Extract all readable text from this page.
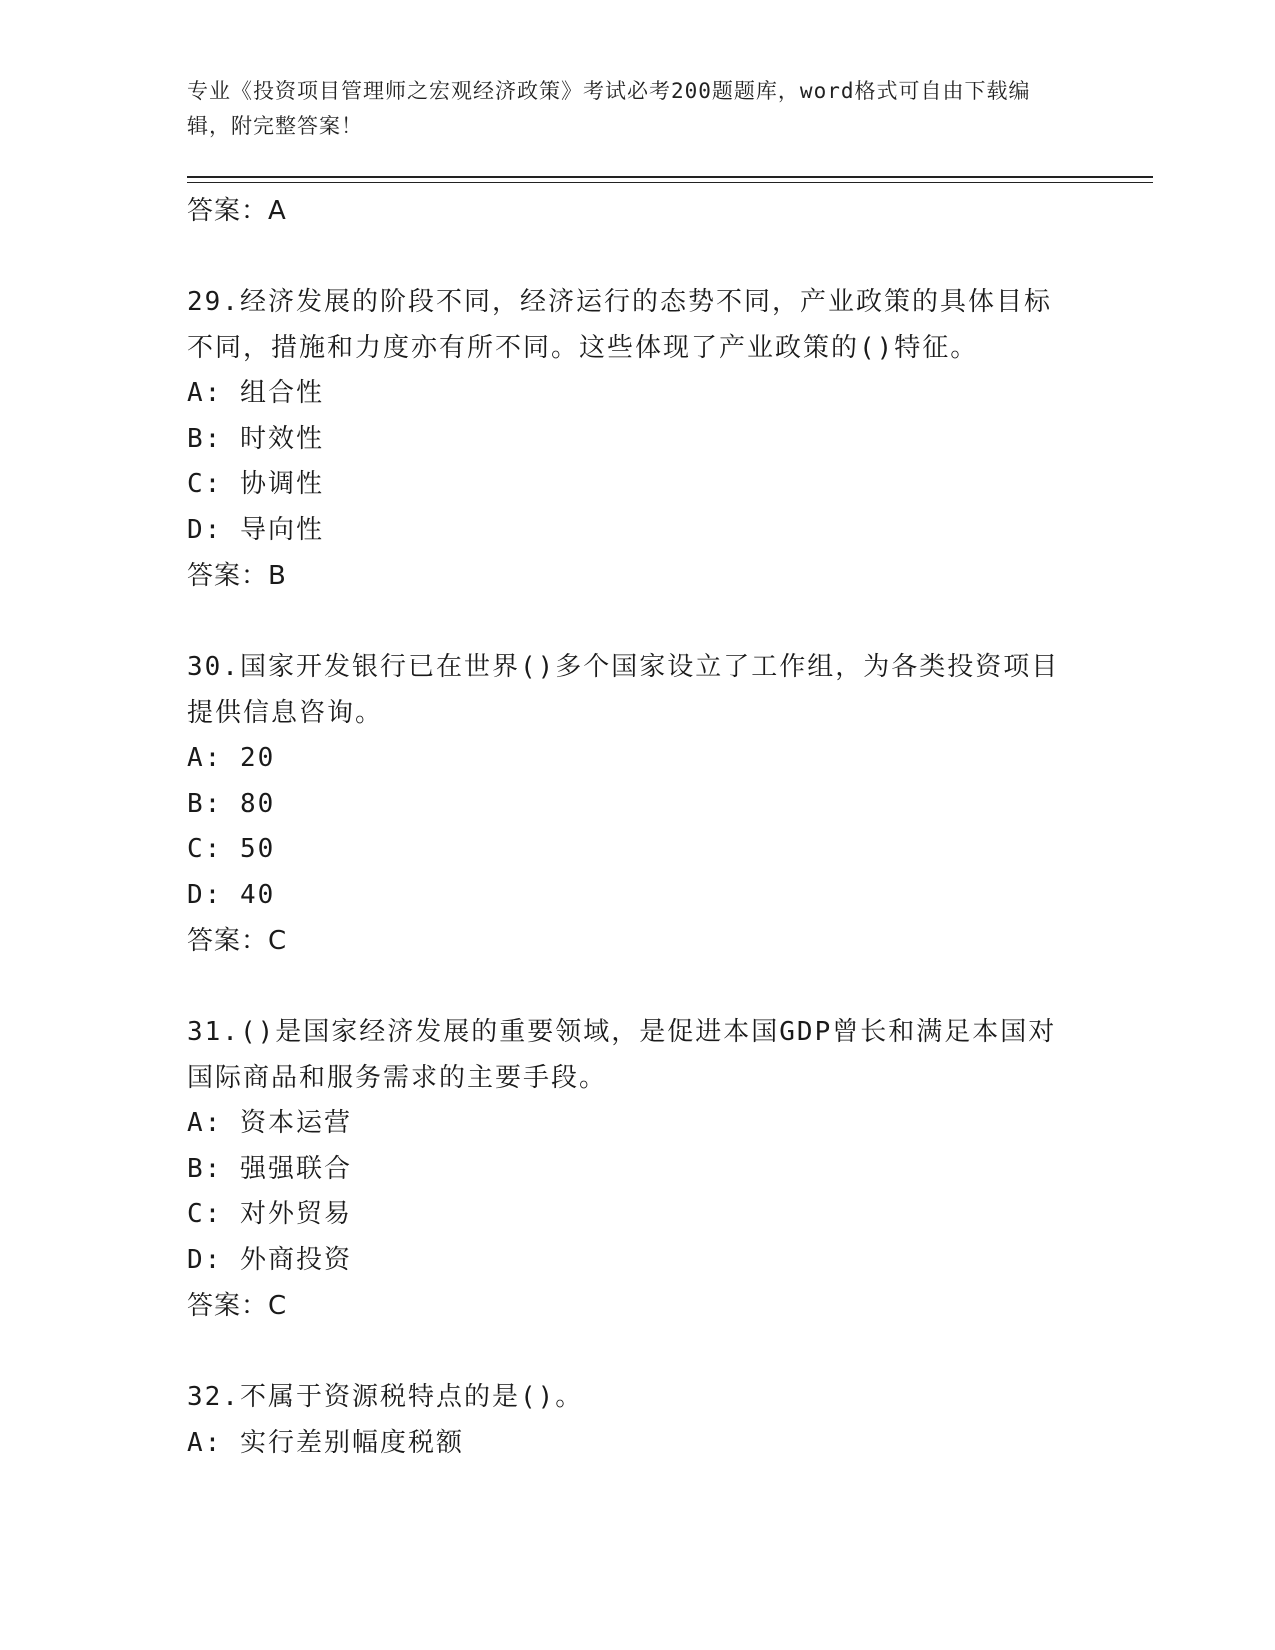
专业《投资项目管理师之宏观经济政策》考试必考200题题库，word格式可自由下载编辑，附完整答案！

答案：A

29.经济发展的阶段不同，经济运行的态势不同，产业政策的具体目标不同，措施和力度亦有所不同。这些体现了产业政策的()特征。

A: 组合性

B: 时效性

C: 协调性

D: 导向性

答案：B

30.国家开发银行已在世界()多个国家设立了工作组，为各类投资项目提供信息咨询。

A: 20

B: 80

C: 50

D: 40

答案：C

31.()是国家经济发展的重要领域，是促进本国GDP曾长和满足本国对国际商品和服务需求的主要手段。

A: 资本运营

B: 强强联合

C: 对外贸易

D: 外商投资

答案：C

32.不属于资源税特点的是()。

A: 实行差别幅度税额
